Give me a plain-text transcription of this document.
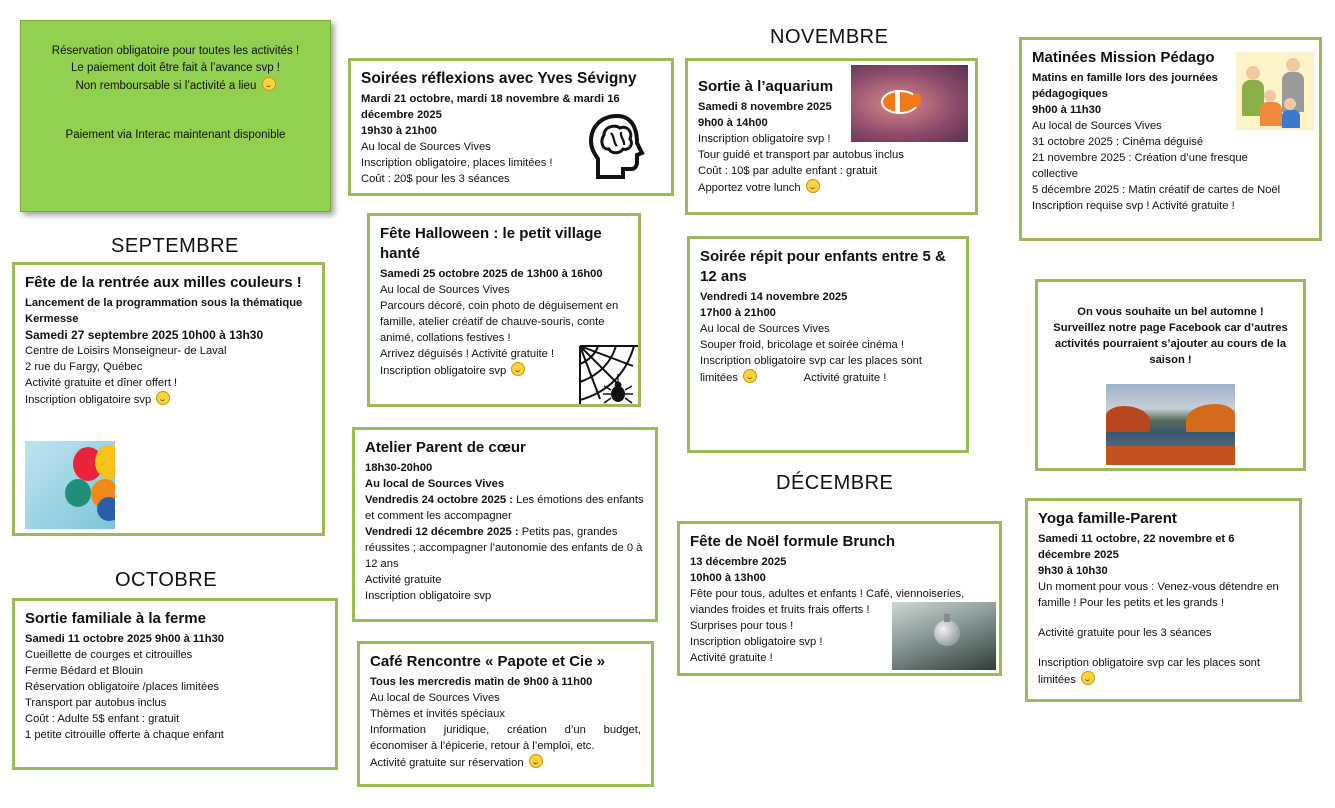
Réservation obligatoire pour toutes les activités !
Le paiement doit être fait à l’avance svp !
Non remboursable si l’activité a lieu
Paiement via Interac maintenant disponible
SEPTEMBRE
OCTOBRE
NOVEMBRE
DÉCEMBRE
Fête de la rentrée aux milles couleurs !
Lancement de la programmation sous la thématique Kermesse
Samedi 27 septembre 2025 10h00 à 13h30
Centre de Loisirs Monseigneur- de Laval
2 rue du Fargy, Québec
Activité gratuite et dîner offert !
Inscription obligatoire svp
Sortie familiale à la ferme
Samedi 11 octobre 2025 9h00 à 11h30
Cueillette de courges et citrouilles
Ferme Bédard et Blouin
Réservation obligatoire /places limitées
Transport par autobus inclus
Coût : Adulte 5$ enfant : gratuit
1 petite citrouille offerte à chaque enfant
Soirées réflexions avec Yves Sévigny
Mardi 21 octobre, mardi 18 novembre & mardi 16 décembre 2025
19h30 à 21h00
Au local de Sources Vives
Inscription obligatoire, places limitées !
Coût : 20$ pour les 3 séances
Fête Halloween : le petit village hanté
Samedi 25 octobre 2025 de 13h00 à 16h00
Au local de Sources Vives
Parcours décoré, coin photo de déguisement en famille, atelier créatif de chauve-souris, conte animé, collations festives !
Arrivez déguisés ! Activité gratuite !
Inscription obligatoire svp
Atelier Parent de cœur
18h30-20h00
Au local de Sources Vives
Vendredis 24 octobre 2025 : Les émotions des enfants et comment les accompagner
Vendredi 12 décembre 2025 : Petits pas, grandes réussites ; accompagner l’autonomie des enfants de 0 à 12 ans
Activité gratuite
Inscription obligatoire svp
Café Rencontre « Papote et Cie »
Tous les mercredis matin de 9h00 à 11h00
Au local de Sources Vives
Thèmes et invités spéciaux
Information juridique, création d’un budget, économiser à l’épicerie, retour à l’emploi, etc.
Activité gratuite sur réservation
Sortie à l’aquarium
Samedi 8 novembre 2025
9h00 à 14h00
Inscription obligatoire svp !
Tour guidé et transport par autobus inclus
Coût : 10$ par adulte enfant : gratuit
Apportez votre lunch
Soirée répit pour enfants entre 5 & 12 ans
Vendredi 14 novembre 2025
17h00 à 21h00
Au local de Sources Vives
Souper froid, bricolage et soirée cinéma !
Inscription obligatoire svp car les places sont limitées	Activité gratuite !
Fête de Noël formule Brunch
13 décembre 2025
10h00 à 13h00
Fête pour tous, adultes et enfants ! Café, viennoiseries, viandes froides et fruits frais offerts !
Surprises pour tous !
Inscription obligatoire svp !
Activité gratuite !
Matinées Mission Pédago
Matins en famille lors des journées pédagogiques
9h00 à 11h30
Au local de Sources Vives
31 octobre 2025 : Cinéma déguisé
21 novembre 2025 : Création d’une fresque collective
5 décembre 2025 : Matin créatif de cartes de Noël
Inscription requise svp ! Activité gratuite !
On vous souhaite un bel automne !
Surveillez notre page Facebook car d’autres activités pourraient s’ajouter au cours de la saison !
Yoga famille-Parent
Samedi 11 octobre, 22 novembre et 6 décembre 2025
9h30 à 10h30
Un moment pour vous : Venez-vous détendre en famille ! Pour les petits et les grands !
Activité gratuite pour les 3 séances
Inscription obligatoire svp car les places sont limitées
